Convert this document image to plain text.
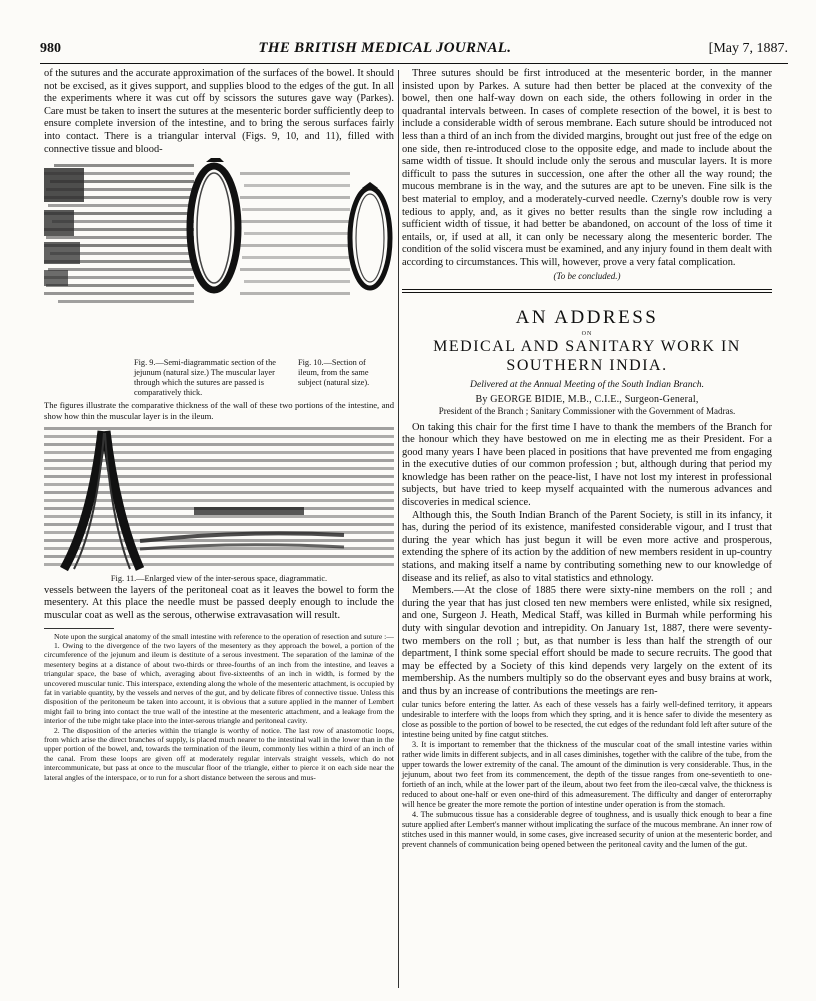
980	THE BRITISH MEDICAL JOURNAL.	[May 7, 1887.

of the sutures and the accurate approximation of the surfaces of the bowel. It should not be excised, as it gives support, and supplies blood to the edges of the gut. In all the experiments where it was cut off by scissors the sutures gave way (Parkes). Care must be taken to insert the sutures at the mesenteric border sufficiently deep to ensure complete inversion of the intestine, and to bring the serous surfaces fairly into contact. There is a triangular interval (Figs. 9, 10, and 11), filled with connective tissue and blood-

Fig. 9.—Semi-diagrammatic section of the jejunum (natural size.) The muscular layer through which the sutures are passed is comparatively thick.
Fig. 10.—Section of ileum, from the same subject (natural size).

The figures illustrate the comparative thickness of the wall of these two portions of the intestine, and show how thin the muscular layer is in the ileum.

Fig. 11.—Enlarged view of the inter-serous space, diagrammatic.

vessels between the layers of the peritoneal coat as it leaves the bowel to form the mesentery. At this place the needle must be passed deeply enough to include the muscular coat as well as the serous, otherwise extravasation will result.

Note upon the surgical anatomy of the small intestine with reference to the operation of resection and suture :—

1. Owing to the divergence of the two layers of the mesentery as they approach the bowel, a portion of the circumference of the jejunum and ileum is destitute of a serous investment. The separation of the laminæ of the mesentery begins at a distance of about two-thirds or three-fourths of an inch from the intestine, and leaves a triangular space, the base of which, averaging about five-sixteenths of an inch in width, is formed by the uncovered muscular tunic. This interspace, extending along the whole of the mesenteric attachment, is occupied by fat in variable quantity, by the vessels and nerves of the gut, and by delicate fibres of connective tissue. Unless this disposition of the peritoneum be taken into account, it is obvious that a suture applied in the manner of Lembert might fail to bring into contact the true wall of the intestine at the mesenteric attachment, and a leakage from the interior of the tube might take place into the inter-serous triangle and peritoneal cavity.

2. The disposition of the arteries within the triangle is worthy of notice. The last row of anastomotic loops, from which arise the direct branches of supply, is placed much nearer to the intestinal wall in the lower than in the upper portion of the bowel, and, towards the termination of the ileum, commonly lies within a third of an inch of the canal. From these loops are given off at moderately regular intervals straight vessels, which do not intercommunicate, but pass at once to the muscular floor of the triangle, either to pierce it on each side near the lateral angles of the interspace, or to run for a short distance between the serous and mus-

Three sutures should be first introduced at the mesenteric border, in the manner insisted upon by Parkes. A suture had then better be placed at the convexity of the bowel, then one half-way down on each side, the others following in order in the quadrantal intervals between. In cases of complete resection of the bowel, it is best to include a considerable width of serous membrane. Each suture should be introduced not less than a third of an inch from the divided margins, brought out just free of the edge on one side, then re-introduced close to the opposite edge, and made to include about the same width of tissue. It should include only the serous and muscular layers. It is more difficult to pass the sutures in succession, one after the other all the way round; the mucous membrane is in the way, and the sutures are apt to be uneven. Fine silk is the best material to employ, and a moderately-curved needle. Czerny's double row is very tedious to apply, and, as it gives no better results than the single row including a sufficient width of tissue, it had better be abandoned, on account of the loss of time it entails, or, if used at all, it can only be necessary along the mesenteric border. The condition of the solid viscera must be examined, and any injury found in them dealt with according to circumstances. This will, however, prove a very fatal complication.

(To be concluded.)
AN ADDRESS
ON
MEDICAL AND SANITARY WORK IN
SOUTHERN INDIA.
Delivered at the Annual Meeting of the South Indian Branch.
By GEORGE BIDIE, M.B., C.I.E., Surgeon-General,
President of the Branch ; Sanitary Commissioner with the Government of Madras.

On taking this chair for the first time I have to thank the members of the Branch for the honour which they have bestowed on me in electing me as their President. For a good many years I have been placed in positions that have prevented me from engaging in the executive duties of our common profession ; but, although during that period my knowledge has been rather on the peace-list, I have not lost my interest in professional subjects, but have tried to keep myself acquainted with the numerous advances and discoveries in medical science.

Although this, the South Indian Branch of the Parent Society, is still in its infancy, it has, during the period of its existence, manifested considerable vigour, and I trust that during the year which has just begun it will be even more active and prosperous, extending the sphere of its action by the addition of new members resident in up-country stations, and making itself a name by contributing something new to our knowledge of disease and its relief, as also to vital statistics and ethnology.

Members.—At the close of 1885 there were sixty-nine members on the roll ; and during the year that has just closed ten new members were enlisted, while six resigned, and one, Surgeon J. Heath, Medical Staff, was killed in Burmah while performing his duty with singular devotion and intrepidity. On January 1st, 1887, there were seventy-two members on the roll ; but, as that number is less than half the strength of our department, I think some special effort should be made to secure recruits. The good that may be effected by a Society of this kind depends very largely on the extent of its membership. As the numbers multiply so do the observant eyes and busy brains at work, and thus by an increase of contributions the meetings are ren-

cular tunics before entering the latter. As each of these vessels has a fairly well-defined territory, it appears undesirable to interfere with the loops from which they spring, and it is hence safer to divide the mesentery as close as possible to the portion of bowel to be resected, the cut edges of the redundant fold left after suture of the intestine being united by fine catgut stitches.

3. It is important to remember that the thickness of the muscular coat of the small intestine varies within rather wide limits in different subjects, and in all cases diminishes, together with the calibre of the tube, from the upper towards the lower extremity of the canal. The amount of the diminution is very considerable. Thus, in the jejunum, about two feet from its commencement, the depth of the tissue ranges from one-seventieth to one-fortieth of an inch, while at the lower part of the ileum, about two feet from the ileo-cæcal valve, the thickness is reduced to about one-half or even one-third of this admeasurement. The difficulty and danger of enterorraphy will hence be greater the more remote the portion of intestine under operation is from the stomach.

4. The submucous tissue has a considerable degree of toughness, and is usually thick enough to bear a fine suture applied after Lembert's manner without implicating the surface of the mucous membrane. An inner row of stitches used in this manner would, in some cases, give increased security of union at the mesenteric border, and prevent channels of communication being opened between the peritoneal cavity and the lumen of the gut.
